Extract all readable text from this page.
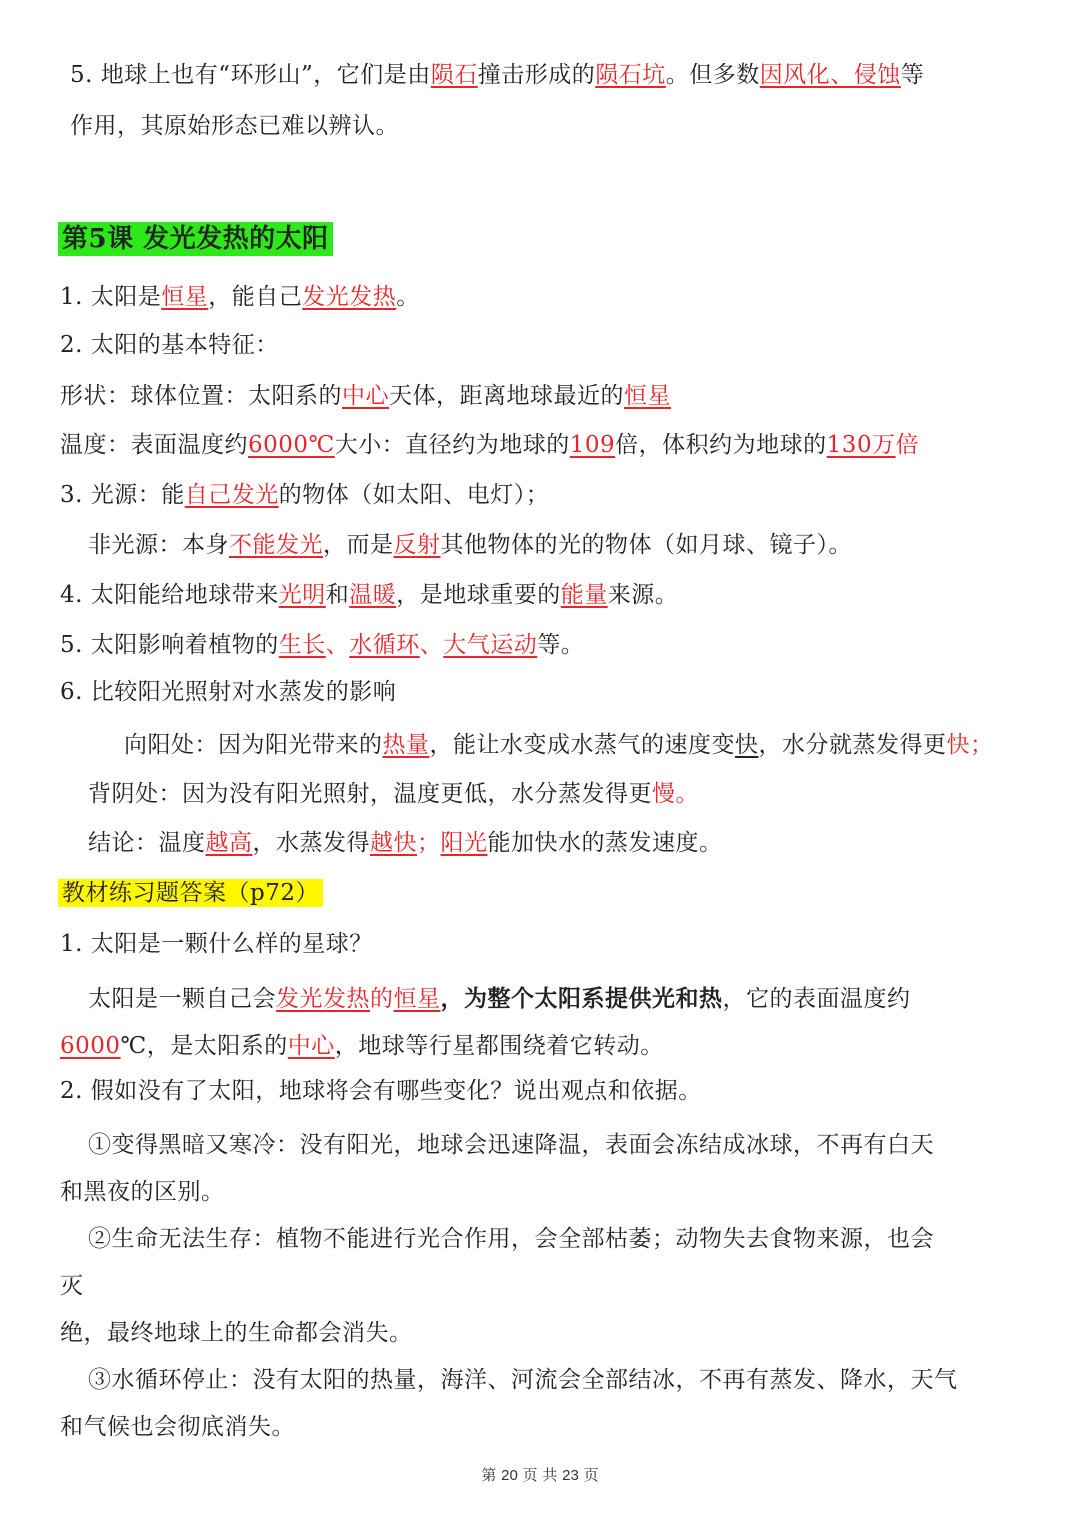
5. 地球上也有“环形山”，它们是由陨石撞击形成的陨石坑。但多数因风化、侵蚀等
作用，其原始形态已难以辨认。
第5课 发光发热的太阳
1. 太阳是恒星，能自己发光发热。
2. 太阳的基本特征：
形状：球体位置：太阳系的中心天体，距离地球最近的恒星
温度：表面温度约6000℃大小：直径约为地球的109倍，体积约为地球的130万倍
3. 光源：能自己发光的物体（如太阳、电灯）；
非光源：本身不能发光，而是反射其他物体的光的物体（如月球、镜子）。
4. 太阳能给地球带来光明和温暖，是地球重要的能量来源。
5. 太阳影响着植物的生长、水循环、大气运动等。
6. 比较阳光照射对水蒸发的影响
向阳处：因为阳光带来的热量，能让水变成水蒸气的速度变快，水分就蒸发得更快；
背阴处：因为没有阳光照射，温度更低，水分蒸发得更慢。
结论：温度越高，水蒸发得越快；阳光能加快水的蒸发速度。
教材练习题答案（p72）
1. 太阳是一颗什么样的星球？
太阳是一颗自己会发光发热的恒星，为整个太阳系提供光和热，它的表面温度约
6000℃，是太阳系的中心，地球等行星都围绕着它转动。
2. 假如没有了太阳，地球将会有哪些变化？说出观点和依据。
①变得黑暗又寒冷：没有阳光，地球会迅速降温，表面会冻结成冰球，不再有白天
和黑夜的区别。
②生命无法生存：植物不能进行光合作用，会全部枯萎；动物失去食物来源，也会
灭
绝，最终地球上的生命都会消失。
③水循环停止：没有太阳的热量，海洋、河流会全部结冰，不再有蒸发、降水，天气
和气候也会彻底消失。
第 20 页 共 23 页
